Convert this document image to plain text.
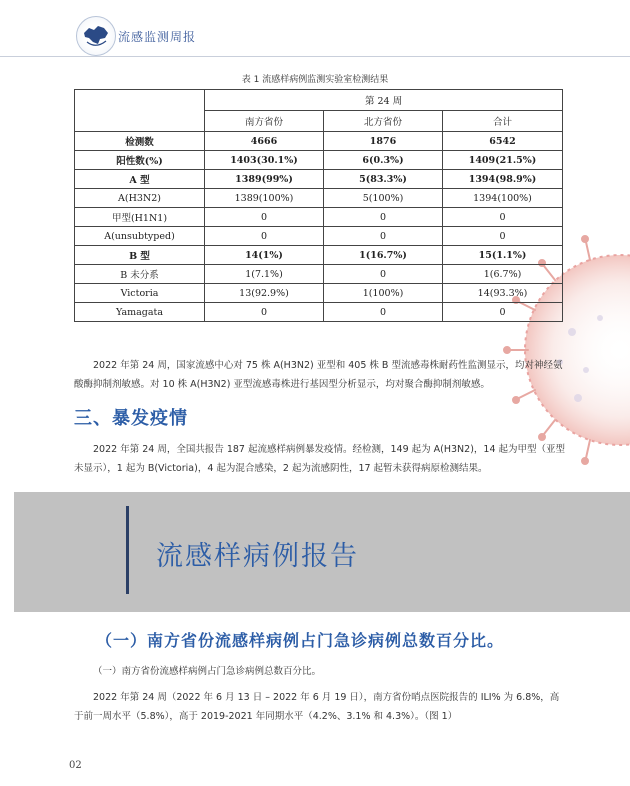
流感监测周报
表 1 流感样病例监测实验室检测结果
	第 24 周		
	南方省份	北方省份	合计
检测数	4666	1876	6542
阳性数(%)	1403(30.1%)	6(0.3%)	1409(21.5%)
A 型	1389(99%)	5(83.3%)	1394(98.9%)
A(H3N2)	1389(100%)	5(100%)	1394(100%)
甲型(H1N1)	0	0	0
A(unsubtyped)	0	0	0
B 型	14(1%)	1(16.7%)	15(1.1%)
B 未分系	1(7.1%)	0	1(6.7%)
Victoria	13(92.9%)	1(100%)	14(93.3%)
Yamagata	0	0	0
2022 年第 24 周，国家流感中心对 75 株 A(H3N2) 亚型和 405 株 B 型流感毒株耐药性监测显示，均对神经氨酸酶抑制剂敏感。对 10 株 A(H3N2) 亚型流感毒株进行基因型分析显示，均对聚合酶抑制剂敏感。
三、暴发疫情
2022 年第 24 周，全国共报告 187 起流感样病例暴发疫情。经检测，149 起为 A(H3N2)，14 起为甲型（亚型未显示），1 起为 B(Victoria)，4 起为混合感染，2 起为流感阴性，17 起暂未获得病原检测结果。
流感样病例报告
（一）南方省份流感样病例占门急诊病例总数百分比。
（一）南方省份流感样病例占门急诊病例总数百分比。
2022 年第 24 周（2022 年 6 月 13 日 – 2022 年 6 月 19 日），南方省份哨点医院报告的 ILI% 为 6.8%，高于前一周水平（5.8%），高于 2019-2021 年同期水平（4.2%、3.1% 和 4.3%）。（图 1）
02
